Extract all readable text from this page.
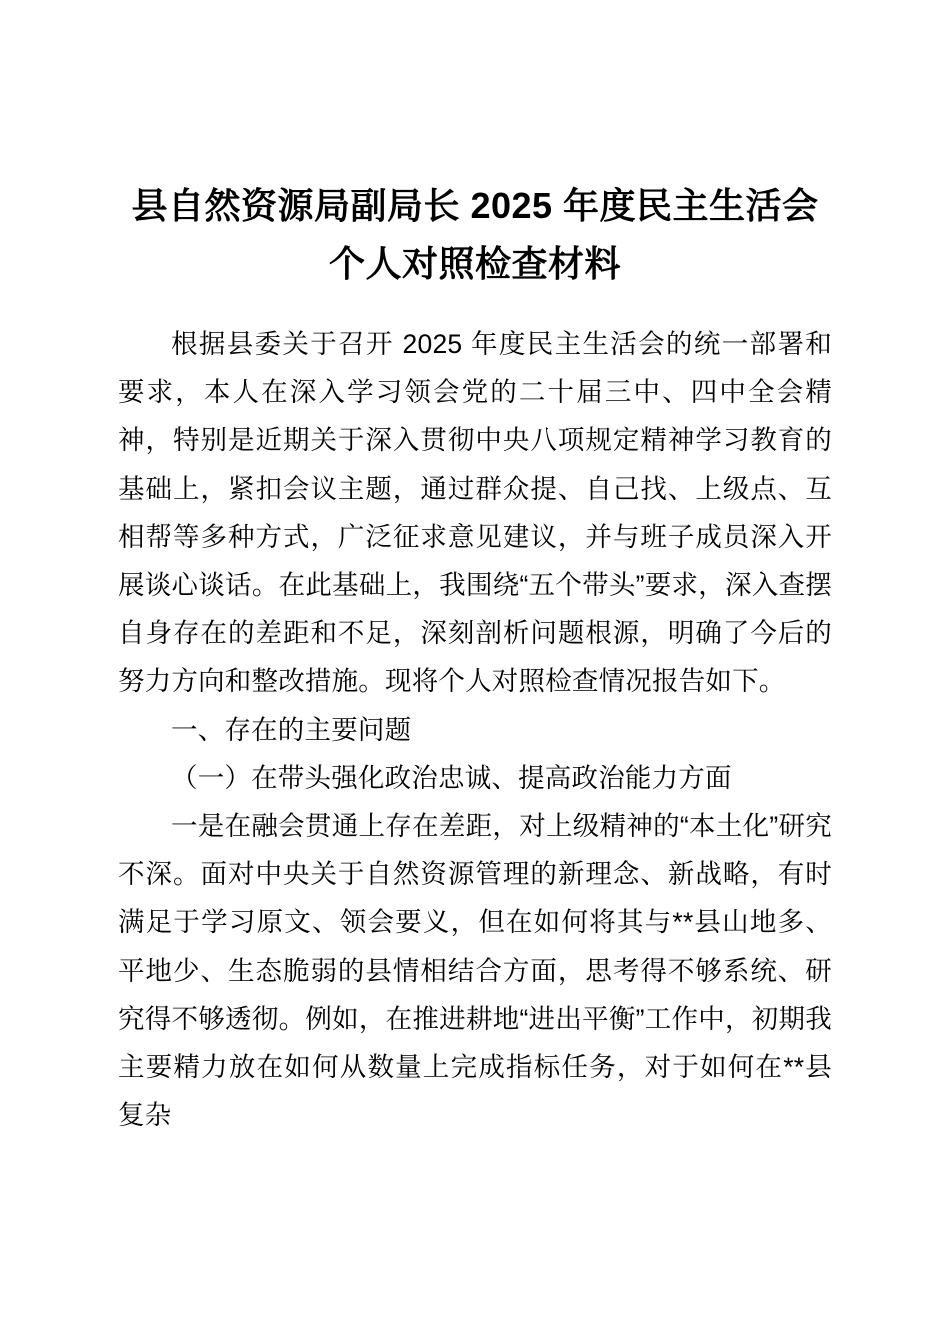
县自然资源局副局长 2025 年度民主生活会
个人对照检查材料

根据县委关于召开 2025 年度民主生活会的统一部署和要求，本人在深入学习领会党的二十届三中、四中全会精神，特别是近期关于深入贯彻中央八项规定精神学习教育的基础上，紧扣会议主题，通过群众提、自己找、上级点、互相帮等多种方式，广泛征求意见建议，并与班子成员深入开展谈心谈话。在此基础上，我围绕“五个带头”要求，深入查摆自身存在的差距和不足，深刻剖析问题根源，明确了今后的努力方向和整改措施。现将个人对照检查情况报告如下。

一、存在的主要问题

（一）在带头强化政治忠诚、提高政治能力方面

一是在融会贯通上存在差距，对上级精神的“本土化”研究不深。面对中央关于自然资源管理的新理念、新战略，有时满足于学习原文、领会要义，但在如何将其与**县山地多、平地少、生态脆弱的县情相结合方面，思考得不够系统、研究得不够透彻。例如，在推进耕地“进出平衡”工作中，初期我主要精力放在如何从数量上完成指标任务，对于如何在**县复杂
